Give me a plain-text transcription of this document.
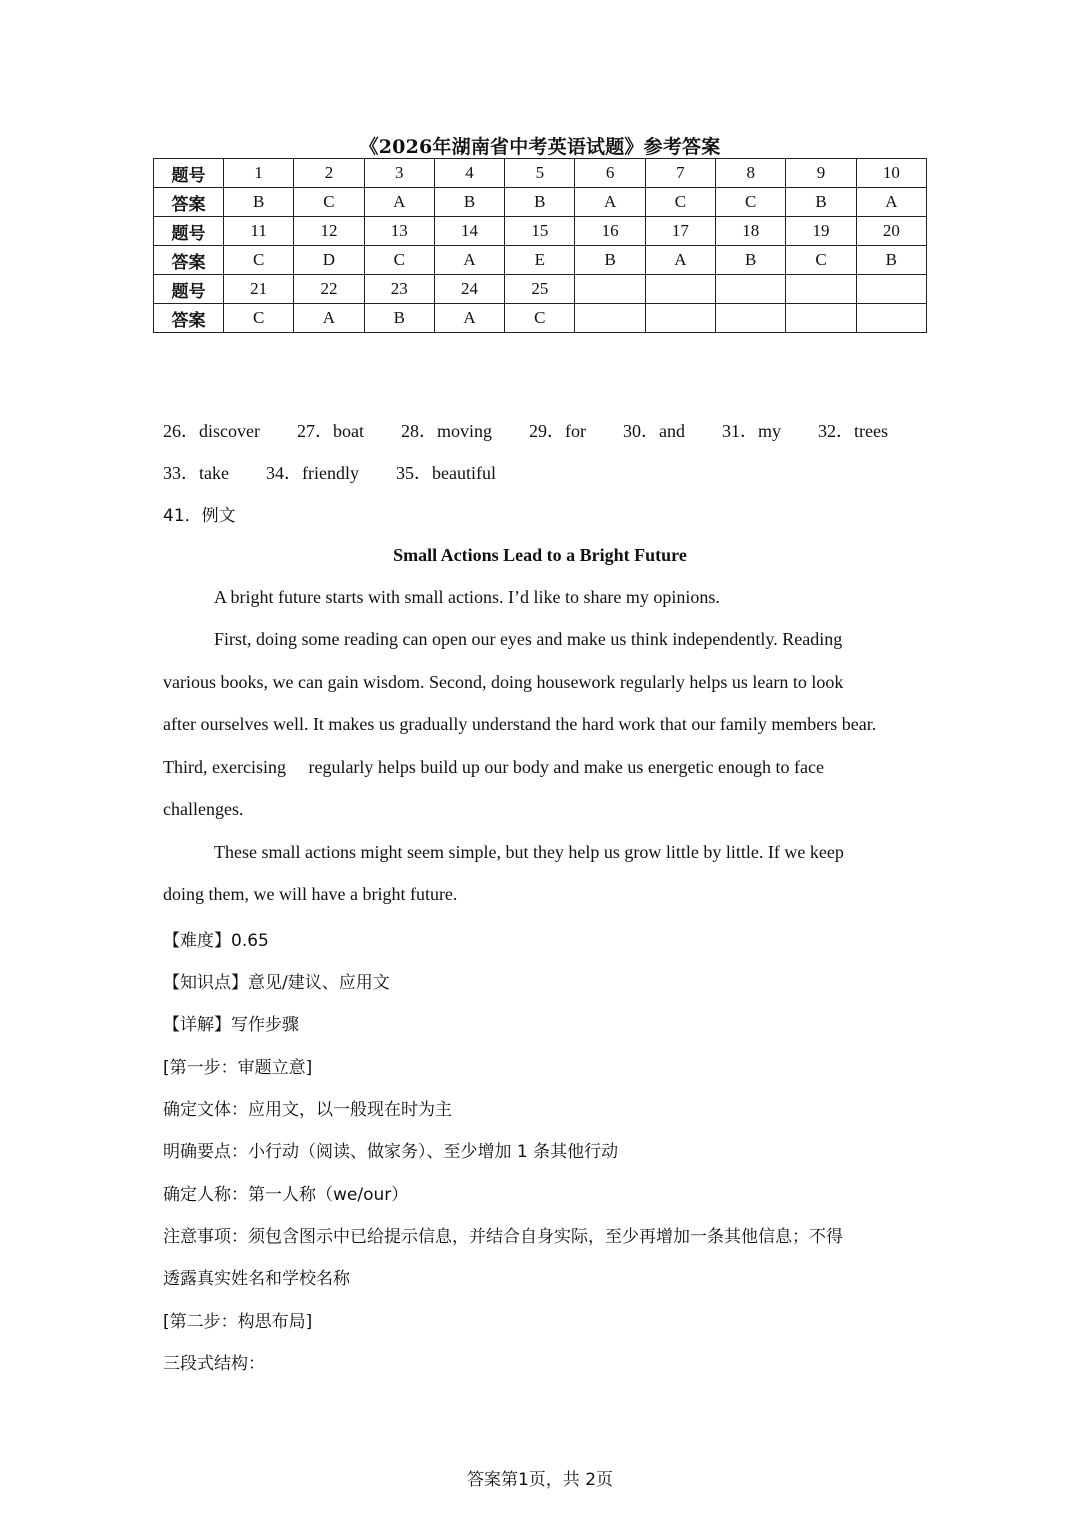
《2026年湖南省中考英语试题》参考答案
题号	1	2	3	4	5	6	7	8	9	10
答案	B	C	A	B	B	A	C	C	B	A
题号	11	12	13	14	15	16	17	18	19	20
答案	C	D	C	A	E	B	A	B	C	B
题号	21	22	23	24	25					
答案	C	A	B	A	C					
26．discover 27．boat 28．moving 29．for 30．and 31．my 32．trees
33．take 34．friendly 35．beautiful
41．例文
Small Actions Lead to a Bright Future
A bright future starts with small actions. I’d like to share my opinions.
First, doing some reading can open our eyes and make us think independently. Reading
various books, we can gain wisdom. Second, doing housework regularly helps us learn to look
after ourselves well. It makes us gradually understand the hard work that our family members bear.
Third, exercising     regularly helps build up our body and make us energetic enough to face
challenges.
These small actions might seem simple, but they help us grow little by little. If we keep
doing them, we will have a bright future.
【难度】0.65
【知识点】意见/建议、应用文
【详解】写作步骤
[第一步：审题立意]
确定文体：应用文，以一般现在时为主
明确要点：小行动（阅读、做家务）、至少增加 1 条其他行动
确定人称：第一人称（we/our）
注意事项：须包含图示中已给提示信息，并结合自身实际，至少再增加一条其他信息；不得
透露真实姓名和学校名称
[第二步：构思布局]
三段式结构：
答案第1页，共 2页
